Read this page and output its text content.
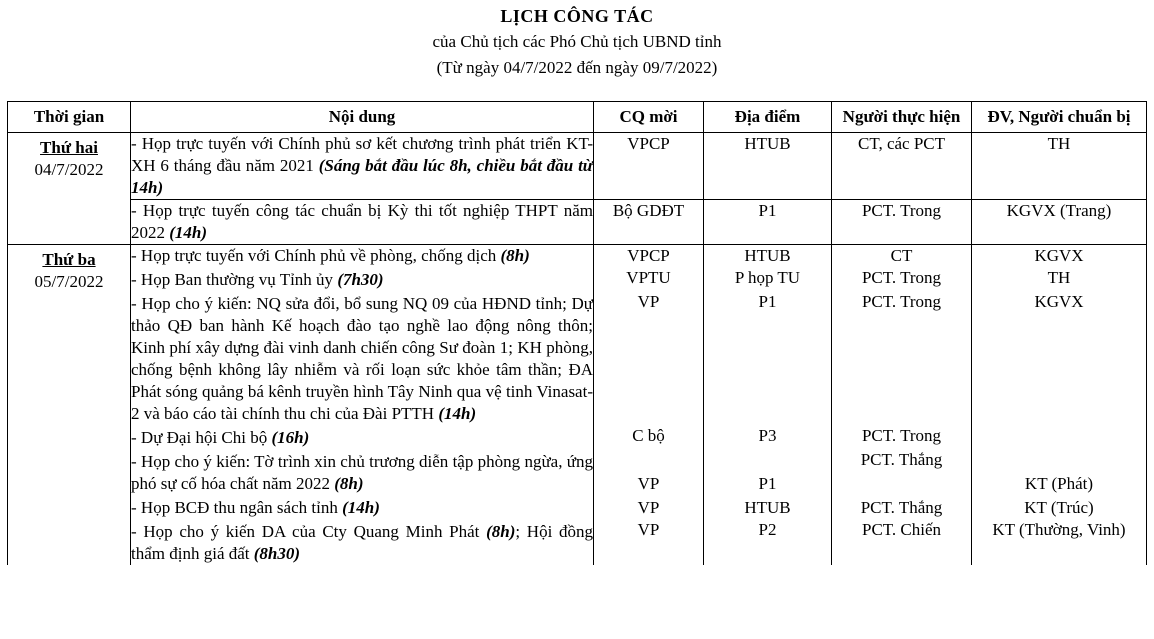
LỊCH CÔNG TÁC
của Chủ tịch các Phó Chủ tịch UBND tỉnh
(Từ ngày 04/7/2022 đến ngày 09/7/2022)
Thời gian	Nội dung	CQ mời	Địa điểm	Người thực hiện	ĐV, Người chuẩn bị

Thứ hai
04/7/2022	- Họp trực tuyến với Chính phủ sơ kết chương trình phát triển KT-XH 6 tháng đầu năm 2021 (Sáng bắt đầu lúc 8h, chiều bắt đầu từ 14h)	VPCP	HTUB	CT, các PCT	TH
	- Họp trực tuyến công tác chuẩn bị Kỳ thi tốt nghiệp THPT năm 2022 (14h)	Bộ GDĐT	P1	PCT. Trong	KGVX (Trang)

Thứ ba
05/7/2022	- Họp trực tuyến với Chính phủ về phòng, chống dịch (8h)	VPCP	HTUB	CT	KGVX
	- Họp Ban thường vụ Tỉnh ủy (7h30)	VPTU	P họp TU	PCT. Trong	TH
	- Họp cho ý kiến: NQ sửa đổi, bổ sung NQ 09 của HĐND tỉnh; Dự thảo QĐ ban hành Kế hoạch đào tạo nghề lao động nông thôn; Kinh phí xây dựng đài vinh danh chiến công Sư đoàn 1; KH phòng, chống bệnh không lây nhiễm và rối loạn sức khỏe tâm thần; ĐA Phát sóng quảng bá kênh truyền hình Tây Ninh qua vệ tinh Vinasat-2 và báo cáo tài chính thu chi của Đài PTTH (14h)	VP	P1	PCT. Trong	KGVX
	- Dự Đại hội Chi bộ (16h)	C bộ	P3	PCT. Trong	
	- Họp cho ý kiến: Tờ trình xin chủ trương diễn tập phòng ngừa, ứng phó sự cố hóa chất năm 2022 (8h)	VP	P1	PCT. Thắng	KT (Phát)
	- Họp BCĐ thu ngân sách tỉnh (14h)	VP	HTUB	PCT. Thắng	KT (Trúc)
	- Họp cho ý kiến DA của Cty Quang Minh Phát (8h); Hội đồng thẩm định giá đất (8h30)	VP	P2	PCT. Chiến	KT (Thường, Vinh)
